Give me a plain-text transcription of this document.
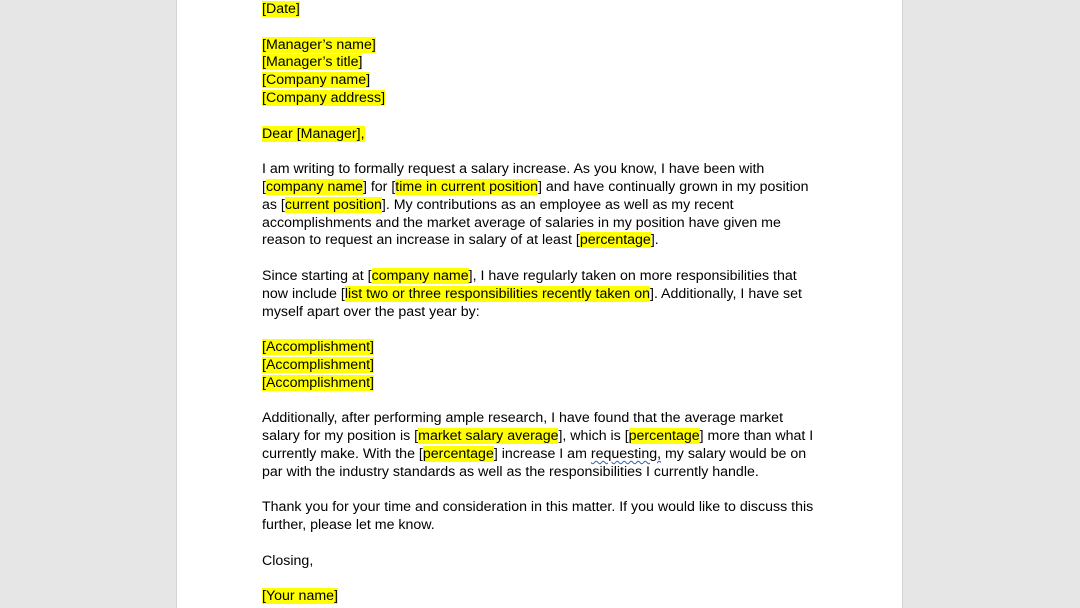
[Date]
[Manager’s name]
[Manager’s title]
[Company name]
[Company address]
Dear [Manager],
I am writing to formally request a salary increase. As you know, I have been with
[company name] for [time in current position] and have continually grown in my position
as [current position]. My contributions as an employee as well as my recent
accomplishments and the market average of salaries in my position have given me
reason to request an increase in salary of at least [percentage].
Since starting at [company name], I have regularly taken on more responsibilities that
now include [list two or three responsibilities recently taken on]. Additionally, I have set
myself apart over the past year by:
[Accomplishment]
[Accomplishment]
[Accomplishment]
Additionally, after performing ample research, I have found that the average market
salary for my position is [market salary average], which is [percentage] more than what I
currently make. With the [percentage] increase I am requesting, my salary would be on
par with the industry standards as well as the responsibilities I currently handle.
Thank you for your time and consideration in this matter. If you would like to discuss this
further, please let me know.
Closing,
[Your name]
